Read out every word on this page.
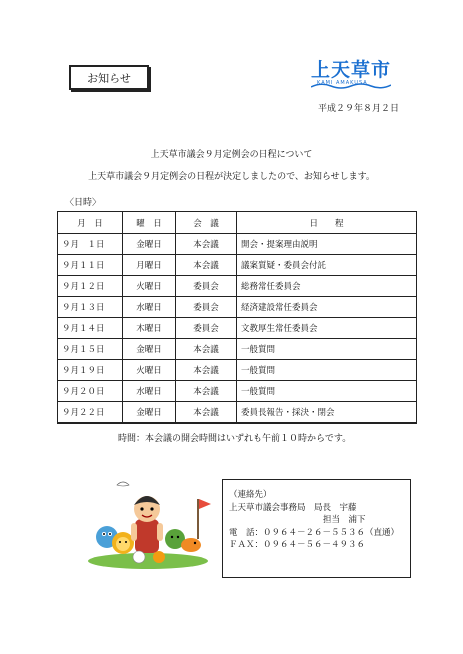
お知らせ	上天草市
KAMI AMAKUSA
平成２９年８月２日
上天草市議会９月定例会の日程について
上天草市議会９月定例会の日程が決定しましたので、お知らせします。
〈日時〉
月　日	曜　日	会　議	日　　程
９月　１日	金曜日	本会議	開会・提案理由説明
９月１１日	月曜日	本会議	議案質疑・委員会付託
９月１２日	火曜日	委員会	総務常任委員会
９月１３日	水曜日	委員会	経済建設常任委員会
９月１４日	木曜日	委員会	文教厚生常任委員会
９月１５日	金曜日	本会議	一般質問
９月１９日	火曜日	本会議	一般質問
９月２０日	水曜日	本会議	一般質問
９月２２日	金曜日	本会議	委員長報告・採決・閉会
時間：本会議の開会時間はいずれも午前１０時からです。
（連絡先）
上天草市議会事務局　局長　宇藤
担当　浦下
電　話：０９６４－２６－５５３６（直通）
ＦＡＸ：０９６４－５６－４９３６
